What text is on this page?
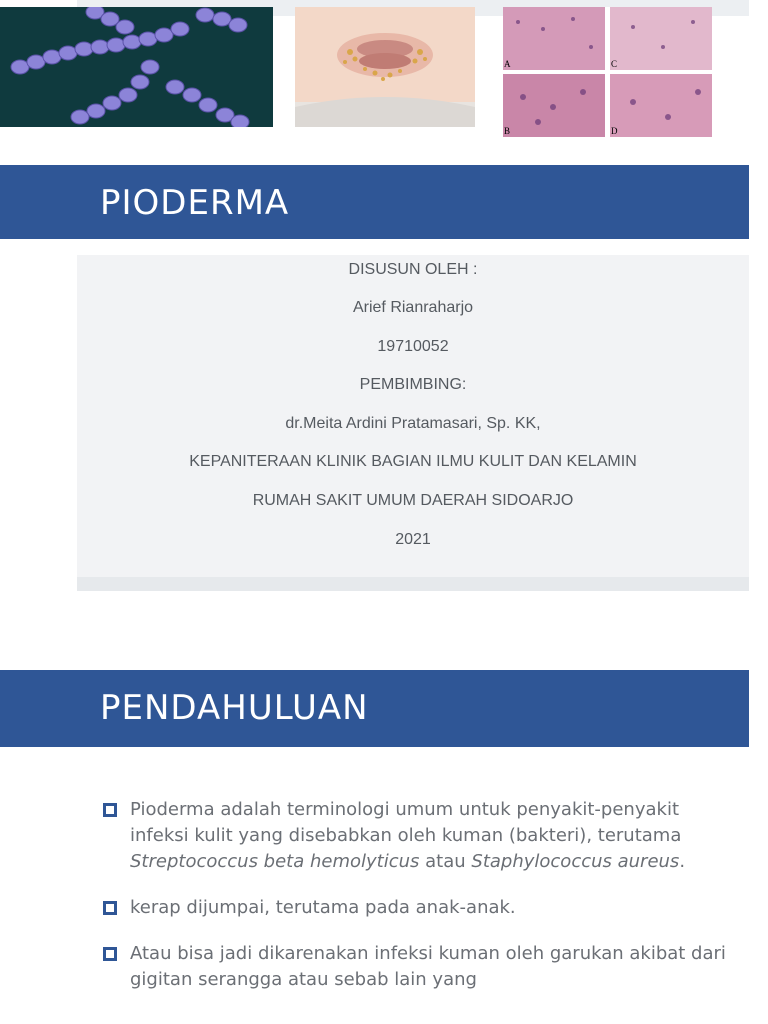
A	C
B	D
PIODERMA
DISUSUN OLEH :
Arief Rianraharjo
19710052
PEMBIMBING:
dr.Meita Ardini Pratamasari, Sp. KK,
KEPANITERAAN KLINIK BAGIAN ILMU KULIT DAN KELAMIN
RUMAH SAKIT UMUM DAERAH SIDOARJO
2021
PENDAHULUAN
Pioderma adalah terminologi umum untuk penyakit-penyakit infeksi kulit yang disebabkan oleh kuman (bakteri), terutama Streptococcus beta hemolyticus atau Staphylococcus aureus.
kerap dijumpai, terutama pada anak-anak.
Atau bisa jadi dikarenakan infeksi kuman oleh garukan akibat dari gigitan serangga atau sebab lain yang
